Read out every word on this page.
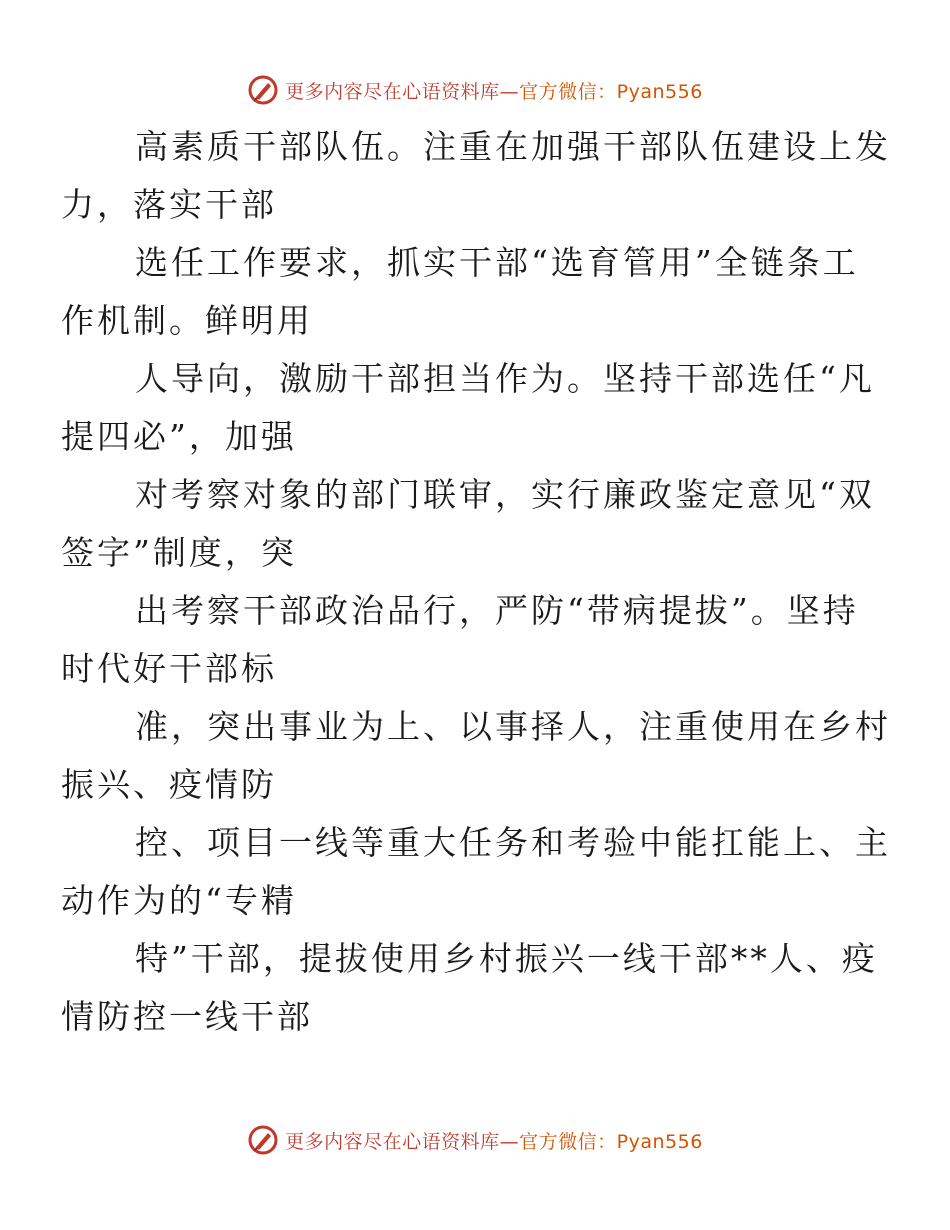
更多内容尽在心语资料库—官方微信：Pyan556

高素质干部队伍。注重在加强干部队伍建设上发
力，落实干部

选任工作要求，抓实干部“选育管用”全链条工
作机制。鲜明用

人导向，激励干部担当作为。坚持干部选任“凡
提四必”，加强

对考察对象的部门联审，实行廉政鉴定意见“双
签字”制度，突

出考察干部政治品行，严防“带病提拔”。坚持
时代好干部标

准，突出事业为上、以事择人，注重使用在乡村
振兴、疫情防

控、项目一线等重大任务和考验中能扛能上、主
动作为的“专精

特”干部，提拔使用乡村振兴一线干部**人、疫
情防控一线干部

更多内容尽在心语资料库—官方微信：Pyan556
